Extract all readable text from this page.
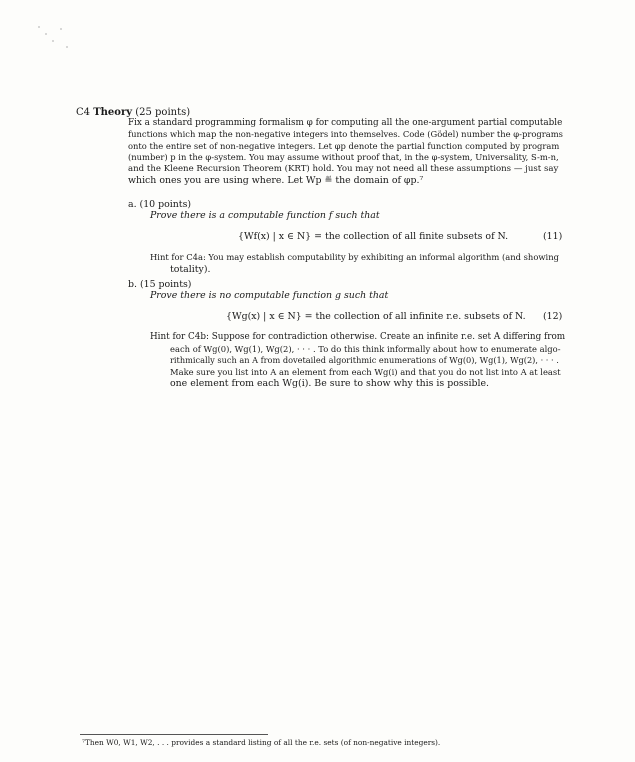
C4 Theory (25 points)
Fix a standard programming formalism φ for computing all the one-argument partial computable
functions which map the non-negative integers into themselves. Code (Gödel) number the φ-programs
onto the entire set of non-negative integers. Let φp denote the partial function computed by program
(number) p in the φ-system. You may assume without proof that, in the φ-system, Universality, S-m-n,
and the Kleene Recursion Theorem (KRT) hold. You may not need all these assumptions — just say
which ones you are using where. Let Wp ≝ the domain of φp.⁷
a. (10 points)
Prove there is a computable function f such that
{Wf(x) | x ∈ N} = the collection of all finite subsets of N.	(11)
Hint for C4a: You may establish computability by exhibiting an informal algorithm (and showing
totality).
b. (15 points)
Prove there is no computable function g such that
{Wg(x) | x ∈ N} = the collection of all infinite r.e. subsets of N. (12)
Hint for C4b: Suppose for contradiction otherwise. Create an infinite r.e. set A differing from
each of Wg(0), Wg(1), Wg(2), · · · . To do this think informally about how to enumerate algo-
rithmically such an A from dovetailed algorithmic enumerations of Wg(0), Wg(1), Wg(2), · · · .
Make sure you list into A an element from each Wg(i) and that you do not list into A at least
one element from each Wg(i). Be sure to show why this is possible.
⁷Then W0, W1, W2, . . . provides a standard listing of all the r.e. sets (of non-negative integers).
